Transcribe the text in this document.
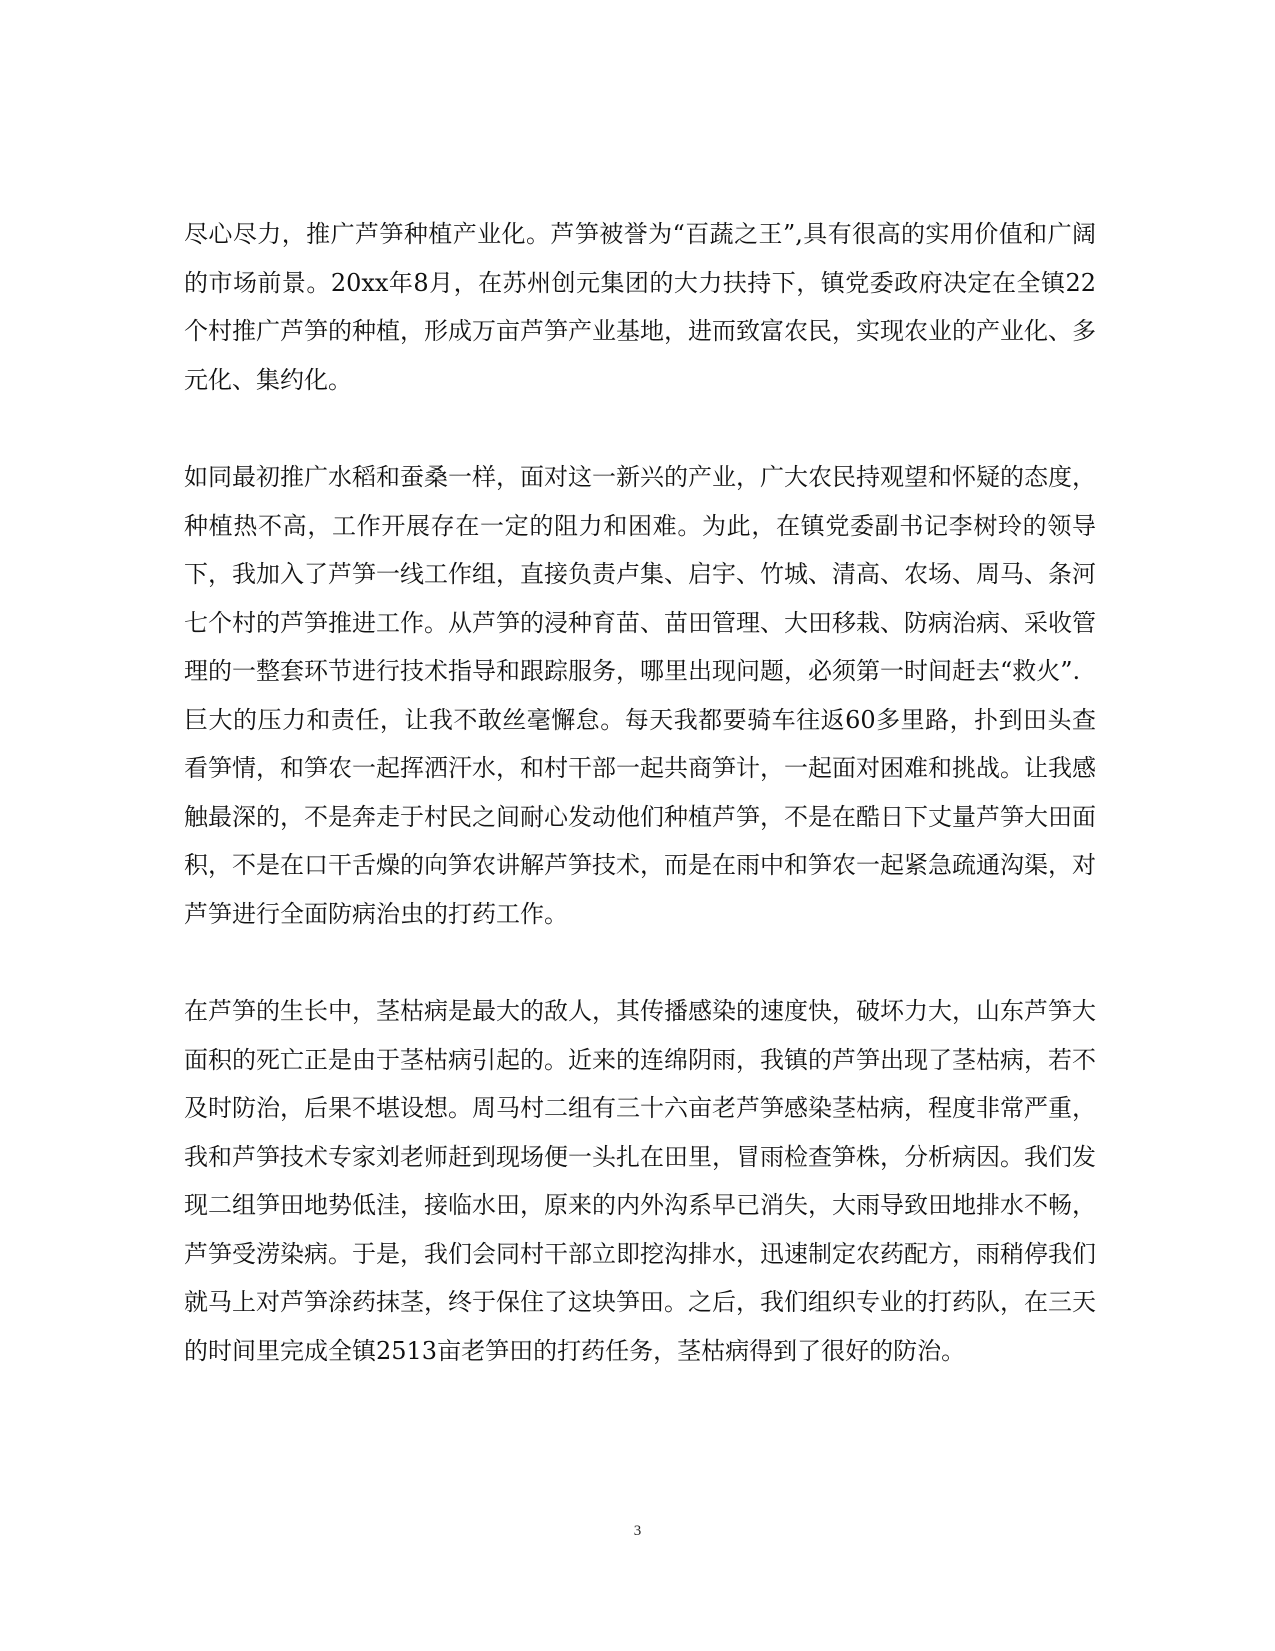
尽心尽力，推广芦笋种植产业化。芦笋被誉为“百蔬之王”,具有很高的实用价值和广阔的市场前景。20xx年8月，在苏州创元集团的大力扶持下，镇党委政府决定在全镇22个村推广芦笋的种植，形成万亩芦笋产业基地，进而致富农民，实现农业的产业化、多元化、集约化。

如同最初推广水稻和蚕桑一样，面对这一新兴的产业，广大农民持观望和怀疑的态度，种植热不高，工作开展存在一定的阻力和困难。为此，在镇党委副书记李树玲的领导下，我加入了芦笋一线工作组，直接负责卢集、启宇、竹城、清高、农场、周马、条河七个村的芦笋推进工作。从芦笋的浸种育苗、苗田管理、大田移栽、防病治病、采收管理的一整套环节进行技术指导和跟踪服务，哪里出现问题，必须第一时间赶去“救火”.

巨大的压力和责任，让我不敢丝毫懈怠。每天我都要骑车往返60多里路，扑到田头查看笋情，和笋农一起挥洒汗水，和村干部一起共商笋计，一起面对困难和挑战。让我感触最深的，不是奔走于村民之间耐心发动他们种植芦笋，不是在酷日下丈量芦笋大田面积，不是在口干舌燥的向笋农讲解芦笋技术，而是在雨中和笋农一起紧急疏通沟渠，对芦笋进行全面防病治虫的打药工作。

在芦笋的生长中，茎枯病是最大的敌人，其传播感染的速度快，破坏力大，山东芦笋大面积的死亡正是由于茎枯病引起的。近来的连绵阴雨，我镇的芦笋出现了茎枯病，若不及时防治，后果不堪设想。周马村二组有三十六亩老芦笋感染茎枯病，程度非常严重，我和芦笋技术专家刘老师赶到现场便一头扎在田里，冒雨检查笋株，分析病因。我们发现二组笋田地势低洼，接临水田，原来的内外沟系早已消失，大雨导致田地排水不畅，芦笋受涝染病。于是，我们会同村干部立即挖沟排水，迅速制定农药配方，雨稍停我们就马上对芦笋涂药抹茎，终于保住了这块笋田。之后，我们组织专业的打药队，在三天的时间里完成全镇2513亩老笋田的打药任务，茎枯病得到了很好的防治。

3
